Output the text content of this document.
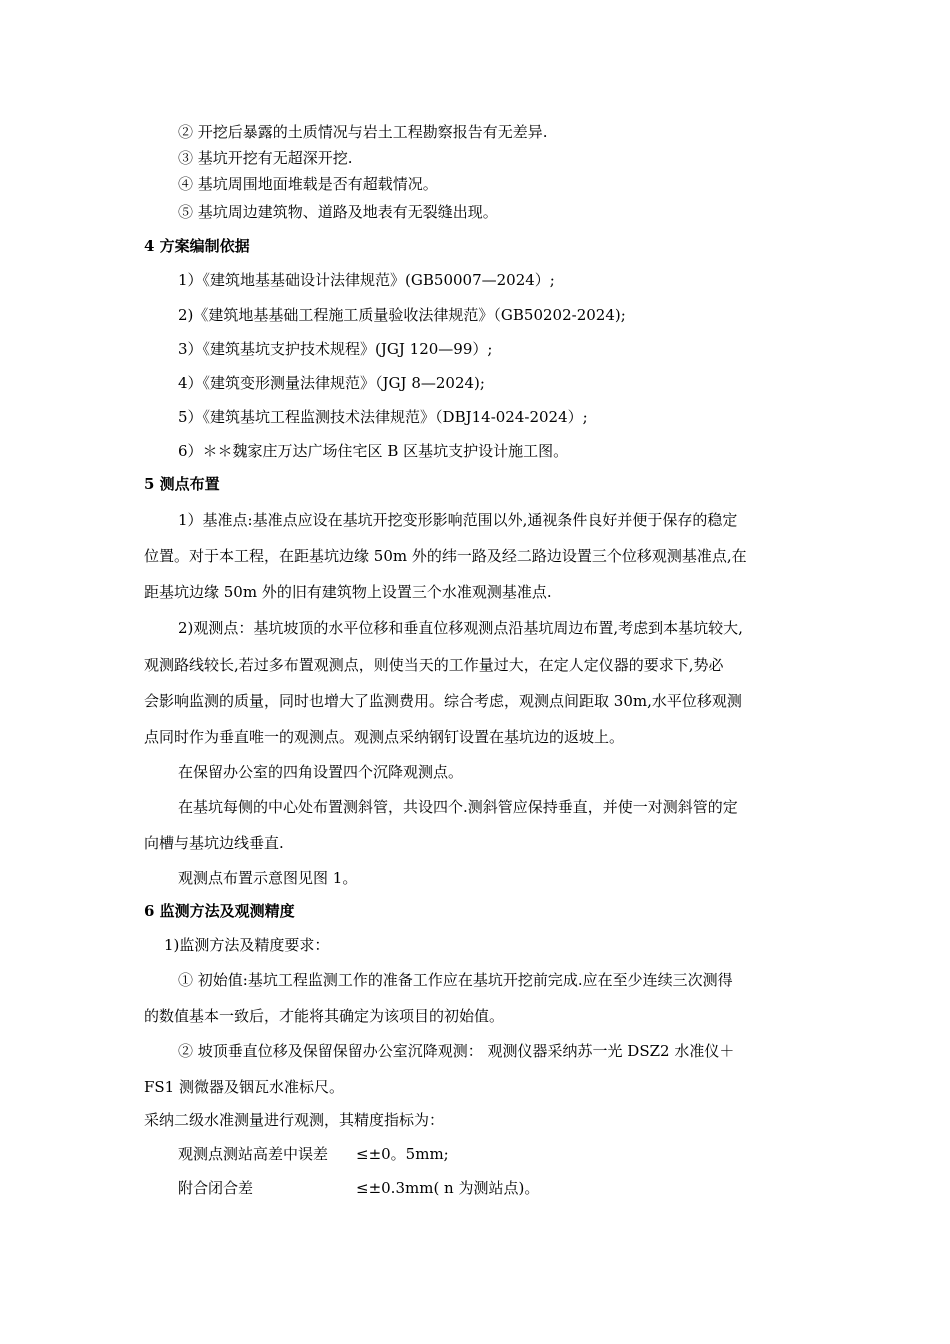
② 开挖后暴露的土质情况与岩土工程勘察报告有无差异.
③ 基坑开挖有无超深开挖.
④ 基坑周围地面堆载是否有超载情况。
⑤ 基坑周边建筑物、道路及地表有无裂缝出现。
4 方案编制依据
1）《建筑地基基础设计法律规范》(GB50007—2024）;
2)《建筑地基基础工程施工质量验收法律规范》（GB50202-2024);
3）《建筑基坑支护技术规程》(JGJ 120—99）;
4）《建筑变形测量法律规范》（JGJ 8—2024);
5）《建筑基坑工程监测技术法律规范》（DBJ14-024-2024）;
6）＊＊魏家庄万达广场住宅区 B 区基坑支护设计施工图。
5 测点布置
1）基准点:基准点应设在基坑开挖变形影响范围以外,通视条件良好并便于保存的稳定
位置。对于本工程，在距基坑边缘 50m 外的纬一路及经二路边设置三个位移观测基准点,在
距基坑边缘 50m 外的旧有建筑物上设置三个水准观测基准点.
2)观测点：基坑坡顶的水平位移和垂直位移观测点沿基坑周边布置,考虑到本基坑较大,
观测路线较长,若过多布置观测点，则使当天的工作量过大，在定人定仪器的要求下,势必
会影响监测的质量，同时也增大了监测费用。综合考虑，观测点间距取 30m,水平位移观测
点同时作为垂直唯一的观测点。观测点采纳钢钉设置在基坑边的返坡上。
在保留办公室的四角设置四个沉降观测点。
在基坑每侧的中心处布置测斜管，共设四个.测斜管应保持垂直，并使一对测斜管的定
向槽与基坑边线垂直.
观测点布置示意图见图 1。
6 监测方法及观测精度
1)监测方法及精度要求：
① 初始值:基坑工程监测工作的准备工作应在基坑开挖前完成.应在至少连续三次测得
的数值基本一致后，才能将其确定为该项目的初始值。
② 坡顶垂直位移及保留保留办公室沉降观测： 观测仪器采纳苏一光 DSZ2 水准仪＋
FS1 测微器及铟瓦水准标尺。
采纳二级水准测量进行观测，其精度指标为：
观测点测站高差中误差 ≤±0。5mm;
附合闭合差	≤±0.3mm( n 为测站点)。
